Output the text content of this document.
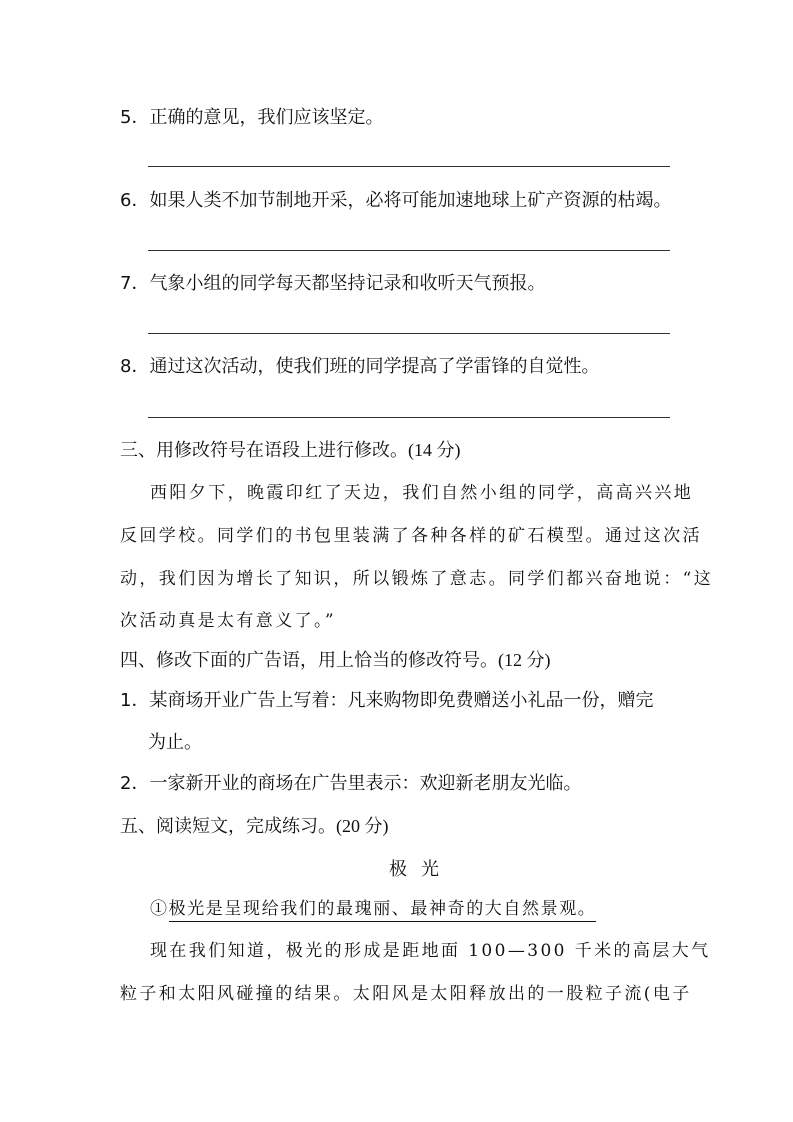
5．正确的意见，我们应该坚定。
6．如果人类不加节制地开采，必将可能加速地球上矿产资源的枯竭。
7．气象小组的同学每天都坚持记录和收听天气预报。
8．通过这次活动，使我们班的同学提高了学雷锋的自觉性。
三、用修改符号在语段上进行修改。(14 分)
西阳夕下，晚霞印红了天边，我们自然小组的同学，高高兴兴地
反回学校。同学们的书包里装满了各种各样的矿石模型。通过这次活
动，我们因为增长了知识，所以锻炼了意志。同学们都兴奋地说：“这
次活动真是太有意义了。”
四、修改下面的广告语，用上恰当的修改符号。(12 分)
1．某商场开业广告上写着：凡来购物即免费赠送小礼品一份，赠完
为止。
2．一家新开业的商场在广告里表示：欢迎新老朋友光临。
五、阅读短文，完成练习。(20 分)
极光
①极光是呈现给我们的最瑰丽、最神奇的大自然景观。
现在我们知道，极光的形成是距地面 100—300 千米的高层大气
粒子和太阳风碰撞的结果。太阳风是太阳释放出的一股粒子流(电子
